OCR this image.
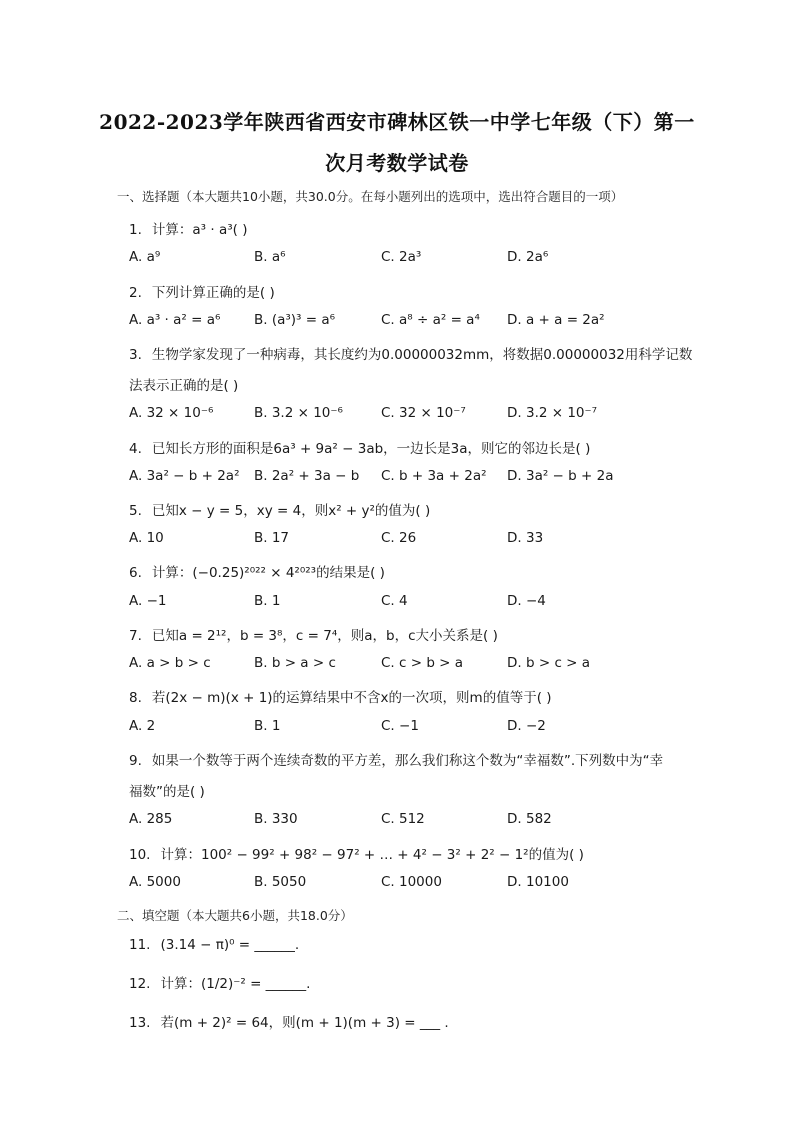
2022-2023学年陕西省西安市碑林区铁一中学七年级（下）第一
次月考数学试卷
一、选择题（本大题共10小题，共30.0分。在每小题列出的选项中，选出符合题目的一项）
1. 计算：a³ · a³( )
A. a⁹	B. a⁶	C. 2a³	D. 2a⁶
2. 下列计算正确的是( )
A. a³ · a² = a⁶ B. (a³)³ = a⁶	C. a⁸ ÷ a² = a⁴ D. a + a = 2a²
3. 生物学家发现了一种病毒，其长度约为0.00000032mm，将数据0.00000032用科学记数
法表示正确的是( )
A. 32 × 10⁻⁶	B. 3.2 × 10⁻⁶	C. 32 × 10⁻⁷	D. 3.2 × 10⁻⁷
4. 已知长方形的面积是6a³ + 9a² − 3ab，一边长是3a，则它的邻边长是( )
A. 3a² − b + 2a² B. 2a² + 3a − b C. b + 3a + 2a² D. 3a² − b + 2a
5. 已知x − y = 5，xy = 4，则x² + y²的值为( )
A. 10	B. 17	C. 26	D. 33
6. 计算：(−0.25)²⁰²² × 4²⁰²³的结果是( )
A. −1	B. 1	C. 4	D. −4
7. 已知a = 2¹²，b = 3⁸，c = 7⁴，则a，b，c大小关系是( )
A. a > b > c	B. b > a > c	C. c > b > a	D. b > c > a
8. 若(2x − m)(x + 1)的运算结果中不含x的一次项，则m的值等于( )
A. 2	B. 1	C. −1	D. −2
9. 如果一个数等于两个连续奇数的平方差，那么我们称这个数为“幸福数”.下列数中为“幸
福数”的是( )
A. 285	B. 330	C. 512	D. 582
10. 计算：100² − 99² + 98² − 97² + … + 4² − 3² + 2² − 1²的值为( )
A. 5000	B. 5050	C. 10000	D. 10100
二、填空题（本大题共6小题，共18.0分）
11. (3.14 − π)⁰ = ______.
12. 计算：(1/2)⁻² = ______.
13. 若(m + 2)² = 64，则(m + 1)(m + 3) = ___ .
